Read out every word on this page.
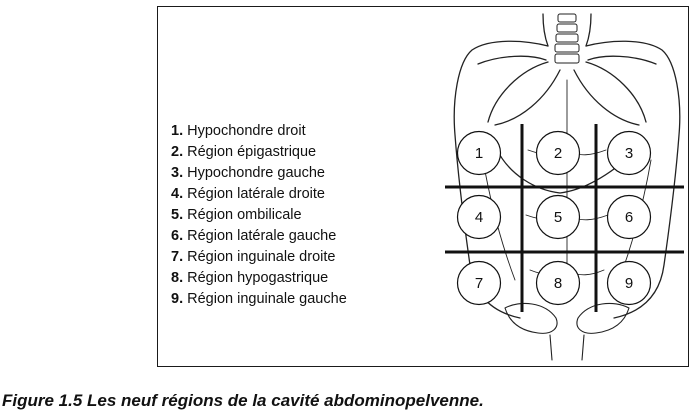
1. Hypochondre droit
2. Région épigastrique
3. Hypochondre gauche
4. Région latérale droite
5. Région ombilicale
6. Région latérale gauche
7. Région inguinale droite
8. Région hypogastrique
9. Région inguinale gauche
1	2	3
4	5	6
7	8	9
Figure 1.5 Les neuf régions de la cavité abdominopelvenne.
